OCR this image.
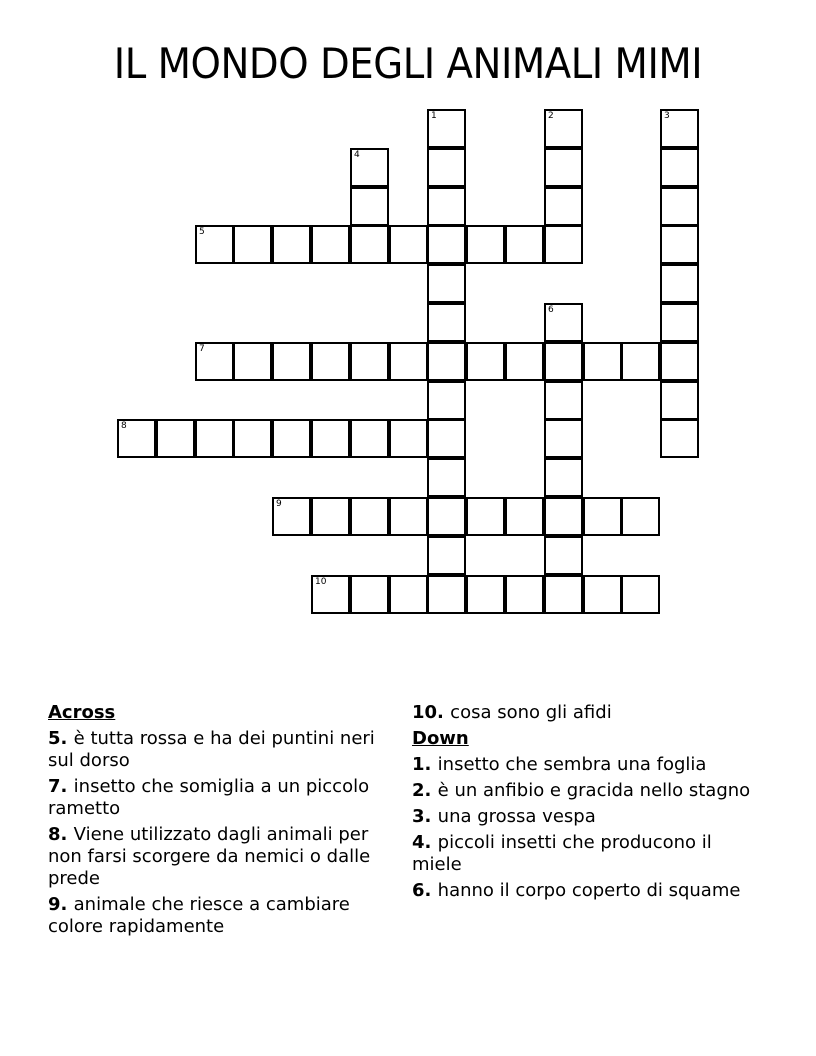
IL MONDO DEGLI ANIMALI MIMI
1	2	3
4
5
6
7
8
9
10
Across
5. è tutta rossa e ha dei puntini neri sul dorso
7. insetto che somiglia a un piccolo rametto
8. Viene utilizzato dagli animali per non farsi scorgere da nemici o dalle prede
9. animale che riesce a cambiare colore rapidamente
10. cosa sono gli afidi
Down
1. insetto che sembra una foglia
2. è un anfibio e gracida nello stagno
3. una grossa vespa
4. piccoli insetti che producono il miele
6. hanno il corpo coperto di squame
